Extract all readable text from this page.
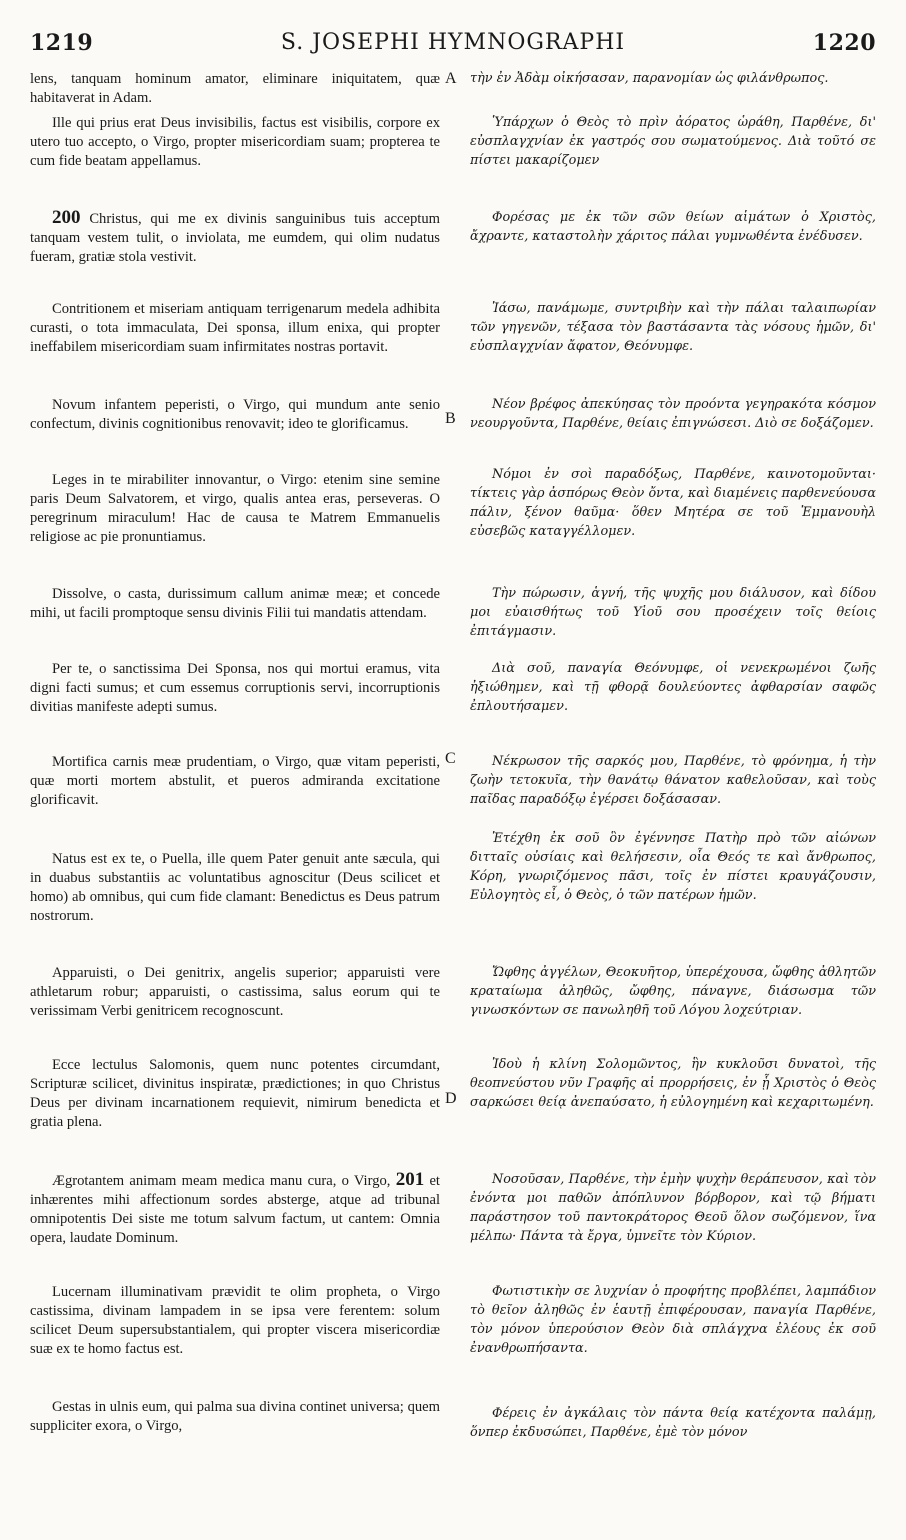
1219	S. JOSEPHI HYMNOGRAPHI	1220
A
B
C
D

lens, tanquam hominum amator, eliminare iniquitatem, quæ habitaverat in Adam.

Ille qui prius erat Deus invisibilis, factus est visibilis, corpore ex utero tuo accepto, o Virgo, propter misericordiam suam; propterea te cum fide beatam appellamus.

200 Christus, qui me ex divinis sanguinibus tuis acceptum tanquam vestem tulit, o inviolata, me eumdem, qui olim nudatus fueram, gratiæ stola vestivit.

Contritionem et miseriam antiquam terrigenarum medela adhibita curasti, o tota immaculata, Dei sponsa, illum enixa, qui propter ineffabilem misericordiam suam infirmitates nostras portavit.

Novum infantem peperisti, o Virgo, qui mundum ante senio confectum, divinis cognitionibus renovavit; ideo te glorificamus.

Leges in te mirabiliter innovantur, o Virgo: etenim sine semine paris Deum Salvatorem, et virgo, qualis antea eras, perseveras. O peregrinum miraculum! Hac de causa te Matrem Emmanuelis religiose ac pie pronuntiamus.

Dissolve, o casta, durissimum callum animæ meæ; et concede mihi, ut facili promptoque sensu divinis Filii tui mandatis attendam.

Per te, o sanctissima Dei Sponsa, nos qui mortui eramus, vita digni facti sumus; et cum essemus corruptionis servi, incorruptionis divitias manifeste adepti sumus.

Mortifica carnis meæ prudentiam, o Virgo, quæ vitam peperisti, quæ morti mortem abstulit, et pueros admiranda excitatione glorificavit.

Natus est ex te, o Puella, ille quem Pater genuit ante sæcula, qui in duabus substantiis ac voluntatibus agnoscitur (Deus scilicet et homo) ab omnibus, qui cum fide clamant: Benedictus es Deus patrum nostrorum.

Apparuisti, o Dei genitrix, angelis superior; apparuisti vere athletarum robur; apparuisti, o castissima, salus eorum qui te verissimam Verbi genitricem recognoscunt.

Ecce lectulus Salomonis, quem nunc potentes circumdant, Scripturæ scilicet, divinitus inspiratæ, prædictiones; in quo Christus Deus per divinam incarnationem requievit, nimirum benedicta et gratia plena.

Ægrotantem animam meam medica manu cura, o Virgo, 201 et inhærentes mihi affectionum sordes absterge, atque ad tribunal omnipotentis Dei siste me totum salvum factum, ut cantem: Omnia opera, laudate Dominum.

Lucernam illuminativam prævidit te olim propheta, o Virgo castissima, divinam lampadem in se ipsa vere ferentem: solum scilicet Deum supersubstantialem, qui propter viscera misericordiæ suæ ex te homo factus est.

Gestas in ulnis eum, qui palma sua divina continet universa; quem suppliciter exora, o Virgo,

τὴν ἐν Ἀδὰμ οἰκήσασαν, παρανομίαν ὡς φιλάνθρωπος.

Ὑπάρχων ὁ Θεὸς τὸ πρὶν ἀόρατος ὡράθη, Παρθένε, δι' εὐσπλαγχνίαν ἐκ γαστρός σου σωματούμενος. Διὰ τοῦτό σε πίστει μακαρίζομεν

Φορέσας με ἐκ τῶν σῶν θείων αἱμάτων ὁ Χριστὸς, ἄχραντε, καταστολὴν χάριτος πάλαι γυμνωθέντα ἐνέδυσεν.

Ἰάσω, πανάμωμε, συντριβὴν καὶ τὴν πάλαι ταλαιπωρίαν τῶν γηγενῶν, τέξασα τὸν βαστάσαντα τὰς νόσους ἡμῶν, δι' εὐσπλαγχνίαν ἄφατον, Θεόνυμφε.

Νέον βρέφος ἀπεκύησας τὸν προόντα γεγηρακότα κόσμον νεουργοῦντα, Παρθένε, θείαις ἐπιγνώσεσι. Διὸ σε δοξάζομεν.

Νόμοι ἐν σοὶ παραδόξως, Παρθένε, καινοτομοῦνται· τίκτεις γὰρ ἀσπόρως Θεὸν ὄντα, καὶ διαμένεις παρθενεύουσα πάλιν, ξένον θαῦμα· ὅθεν Μητέρα σε τοῦ Ἐμμανουὴλ εὐσεβῶς καταγγέλλομεν.

Τὴν πώρωσιν, ἁγνή, τῆς ψυχῆς μου διάλυσον, καὶ δίδου μοι εὐαισθήτως τοῦ Υἱοῦ σου προσέχειν τοῖς θείοις ἐπιτάγμασιν.

Διὰ σοῦ, παναγία Θεόνυμφε, οἱ νενεκρωμένοι ζωῆς ἠξιώθημεν, καὶ τῇ φθορᾷ δουλεύοντες ἀφθαρσίαν σαφῶς ἐπλουτήσαμεν.

Νέκρωσον τῆς σαρκός μου, Παρθένε, τὸ φρόνημα, ἡ τὴν ζωὴν τετοκυῖα, τὴν θανάτῳ θάνατον καθελοῦσαν, καὶ τοὺς παῖδας παραδόξῳ ἐγέρσει δοξάσασαν.

Ἐτέχθη ἐκ σοῦ ὃν ἐγέννησε Πατὴρ πρὸ τῶν αἰώνων διτταῖς οὐσίαις καὶ θελήσεσιν, οἷα Θεός τε καὶ ἄνθρωπος, Κόρη, γνωριζόμενος πᾶσι, τοῖς ἐν πίστει κραυγάζουσιν, Εὐλογητὸς εἶ, ὁ Θεὸς, ὁ τῶν πατέρων ἡμῶν.

Ὤφθης ἀγγέλων, Θεοκυῆτορ, ὑπερέχουσα, ὤφθης ἀθλητῶν κραταίωμα ἀληθῶς, ὤφθης, πάναγνε, διάσωσμα τῶν γινωσκόντων σε πανωληθῆ τοῦ Λόγου λοχεύτριαν.

Ἰδοὺ ἡ κλίνη Σολομῶντος, ἣν κυκλοῦσι δυνατοὶ, τῆς θεοπνεύστου νῦν Γραφῆς αἱ προρρήσεις, ἐν ᾗ Χριστὸς ὁ Θεὸς σαρκώσει θείᾳ ἀνεπαύσατο, ἡ εὐλογημένη καὶ κεχαριτωμένη.

Νοσοῦσαν, Παρθένε, τὴν ἐμὴν ψυχὴν θεράπευσον, καὶ τὸν ἐνόντα μοι παθῶν ἀπόπλυνον βόρβορον, καὶ τῷ βήματι παράστησον τοῦ παντοκράτορος Θεοῦ ὅλον σωζόμενον, ἵνα μέλπω· Πάντα τὰ ἔργα, ὑμνεῖτε τὸν Κύριον.

Φωτιστικὴν σε λυχνίαν ὁ προφήτης προβλέπει, λαμπάδιον τὸ θεῖον ἀληθῶς ἐν ἑαυτῇ ἐπιφέρουσαν, παναγία Παρθένε, τὸν μόνον ὑπερούσιον Θεὸν διὰ σπλάγχνα ἐλέους ἐκ σοῦ ἐνανθρωπήσαντα.

Φέρεις ἐν ἀγκάλαις τὸν πάντα θείᾳ κατέχοντα παλάμῃ, ὅνπερ ἐκδυσώπει, Παρθένε, ἐμὲ τὸν μόνον
